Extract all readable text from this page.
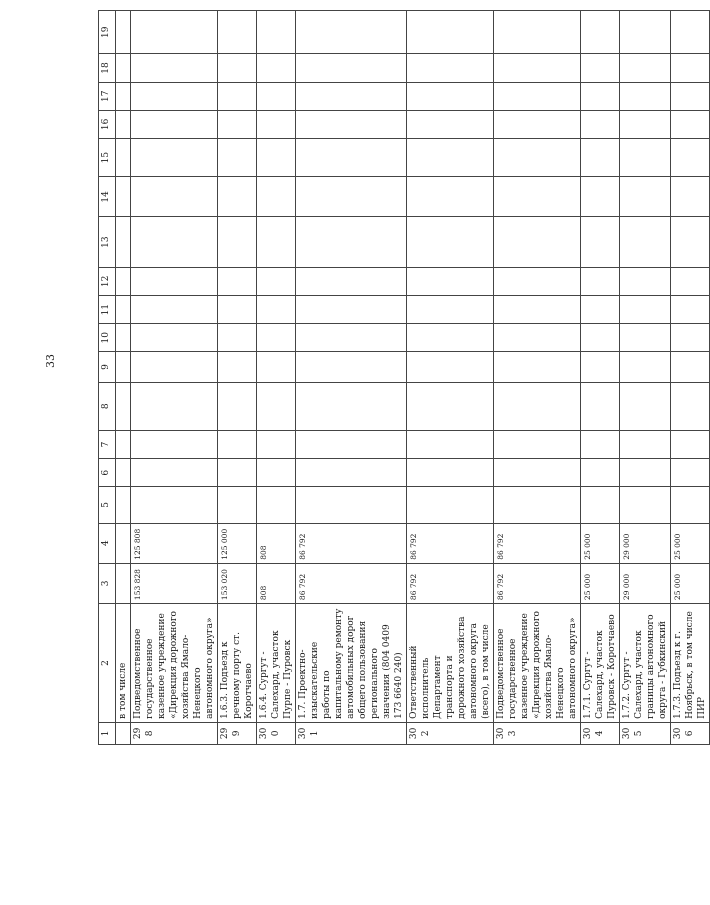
33
1	2	3	4	5	6	7	8	9	10	11	12	13	14	15	16	17	18	19
	в том числе																	
298	Подведомственное государственное казенное учреждение «Дирекция дорожного хозяйства Ямало-Ненецкого автономного округа»	153 828	125 808															
299	1.6.3. Подъезд к речному порту ст. Коротчаево	153 020	125 000															
300	1.6.4. Сургут - Салехард, участок Пурпе - Пуровск	808	808															
301	1.7. Проектно-изыскательские работы по капитальному ремонту автомобильных дорог общего пользования регионального значения (804 0409 173 6640 240)	86 792	86 792															
302	Ответственный исполнитель Департамент транспорта и дорожного хозяйства автономного округа (всего), в том числе	86 792	86 792															
303	Подведомственное государственное казенное учреждение «Дирекция дорожного хозяйства Ямало-Ненецкого автономного округа»	86 792	86 792															
304	1.7.1. Сургут - Салехард, участок Пуровск - Коротчаево	25 000	25 000															
305	1.7.2. Сургут - Салехард, участок границы автономного округа - Губкинский	29 000	29 000															
306	1.7.3. Подъезд к г. Ноябрьск, в том числе ПИР	25 000	25 000															
